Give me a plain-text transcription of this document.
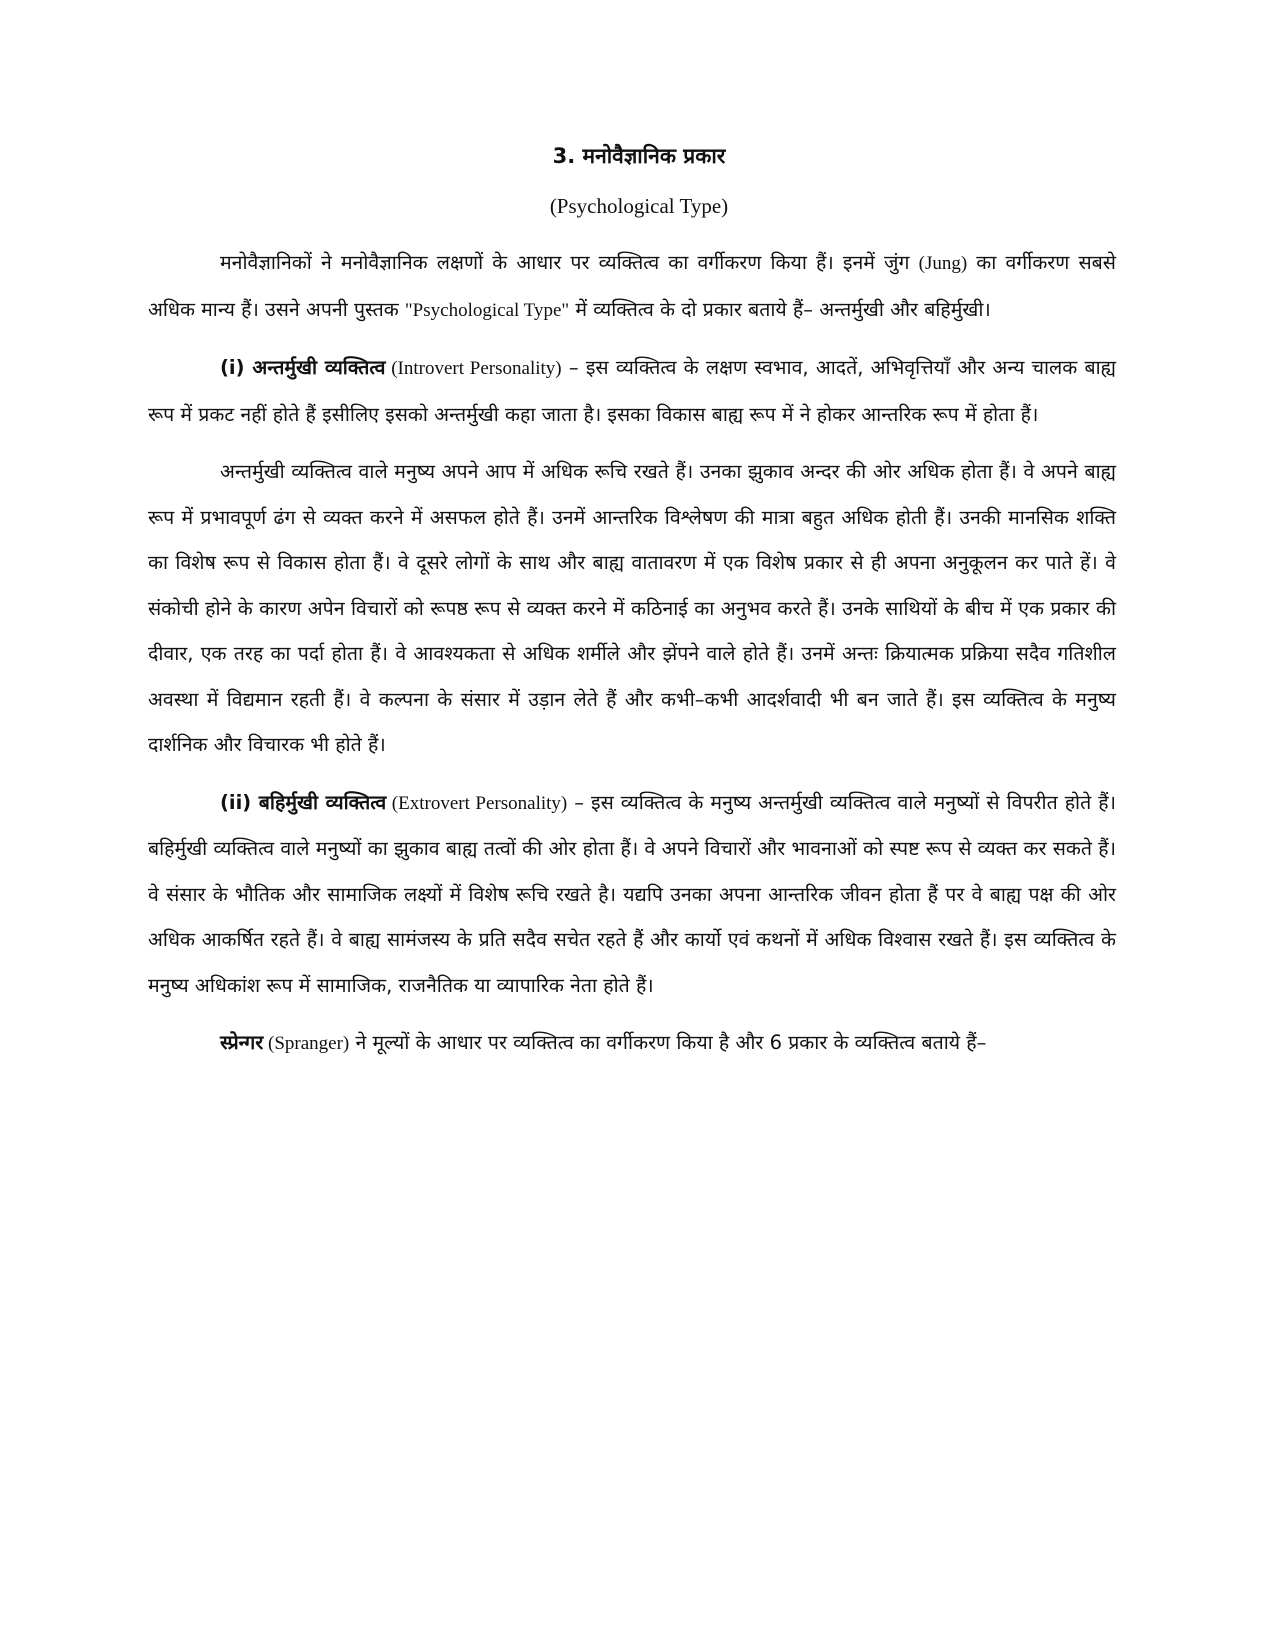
3. मनोवैज्ञानिक प्रकार

(Psychological Type)

मनोवैज्ञानिकों ने मनोवैज्ञानिक लक्षणों के आधार पर व्यक्तित्व का वर्गीकरण किया हैं। इनमें जुंग (Jung) का वर्गीकरण सबसे अधिक मान्य हैं। उसने अपनी पुस्तक "Psychological Type" में व्यक्तित्व के दो प्रकार बताये हैं– अन्तर्मुखी और बहिर्मुखी।

(i) अन्तर्मुखी व्यक्तित्व (Introvert Personality) – इस व्यक्तित्व के लक्षण स्वभाव, आदतें, अभिवृत्तियाँ और अन्य चालक बाह्य रूप में प्रकट नहीं होते हैं इसीलिए इसको अन्तर्मुखी कहा जाता है। इसका विकास बाह्य रूप में ने होकर आन्तरिक रूप में होता हैं।

अन्तर्मुखी व्यक्तित्व वाले मनुष्य अपने आप में अधिक रूचि रखते हैं। उनका झुकाव अन्दर की ओर अधिक होता हैं। वे अपने बाह्य रूप में प्रभावपूर्ण ढंग से व्यक्त करने में असफल होते हैं। उनमें आन्तरिक विश्लेषण की मात्रा बहुत अधिक होती हैं। उनकी मानसिक शक्ति का विशेष रूप से विकास होता हैं। वे दूसरे लोगों के साथ और बाह्य वातावरण में एक विशेष प्रकार से ही अपना अनुकूलन कर पाते हें। वे संकोची होने के कारण अपेन विचारों को रूपष्ठ रूप से व्यक्त करने में कठिनाई का अनुभव करते हैं। उनके साथियों के बीच में एक प्रकार की दीवार, एक तरह का पर्दा होता हैं। वे आवश्यकता से अधिक शर्मीले और झेंपने वाले होते हैं। उनमें अन्तः क्रियात्मक प्रक्रिया सदैव गतिशील अवस्था में विद्यमान रहती हैं। वे कल्पना के संसार में उड़ान लेते हैं और कभी–कभी आदर्शवादी भी बन जाते हैं। इस व्यक्तित्व के मनुष्य दार्शनिक और विचारक भी होते हैं।

(ii) बहिर्मुखी व्यक्तित्व (Extrovert Personality) – इस व्यक्तित्व के मनुष्य अन्तर्मुखी व्यक्तित्व वाले मनुष्यों से विपरीत होते हैं। बहिर्मुखी व्यक्तित्व वाले मनुष्यों का झुकाव बाह्य तत्वों की ओर होता हैं। वे अपने विचारों और भावनाओं को स्पष्ट रूप से व्यक्त कर सकते हैं। वे संसार के भौतिक और सामाजिक लक्ष्यों में विशेष रूचि रखते है। यद्यपि उनका अपना आन्तरिक जीवन होता हैं पर वे बाह्य पक्ष की ओर अधिक आकर्षित रहते हैं। वे बाह्य सामंजस्य के प्रति सदैव सचेत रहते हैं और कार्यो एवं कथनों में अधिक विश्वास रखते हैं। इस व्यक्तित्व के मनुष्य अधिकांश रूप में सामाजिक, राजनैतिक या व्यापारिक नेता होते हैं।

स्प्रेन्गर (Spranger) ने मूल्यों के आधार पर व्यक्तित्व का वर्गीकरण किया है और 6 प्रकार के व्यक्तित्व बताये हैं–
